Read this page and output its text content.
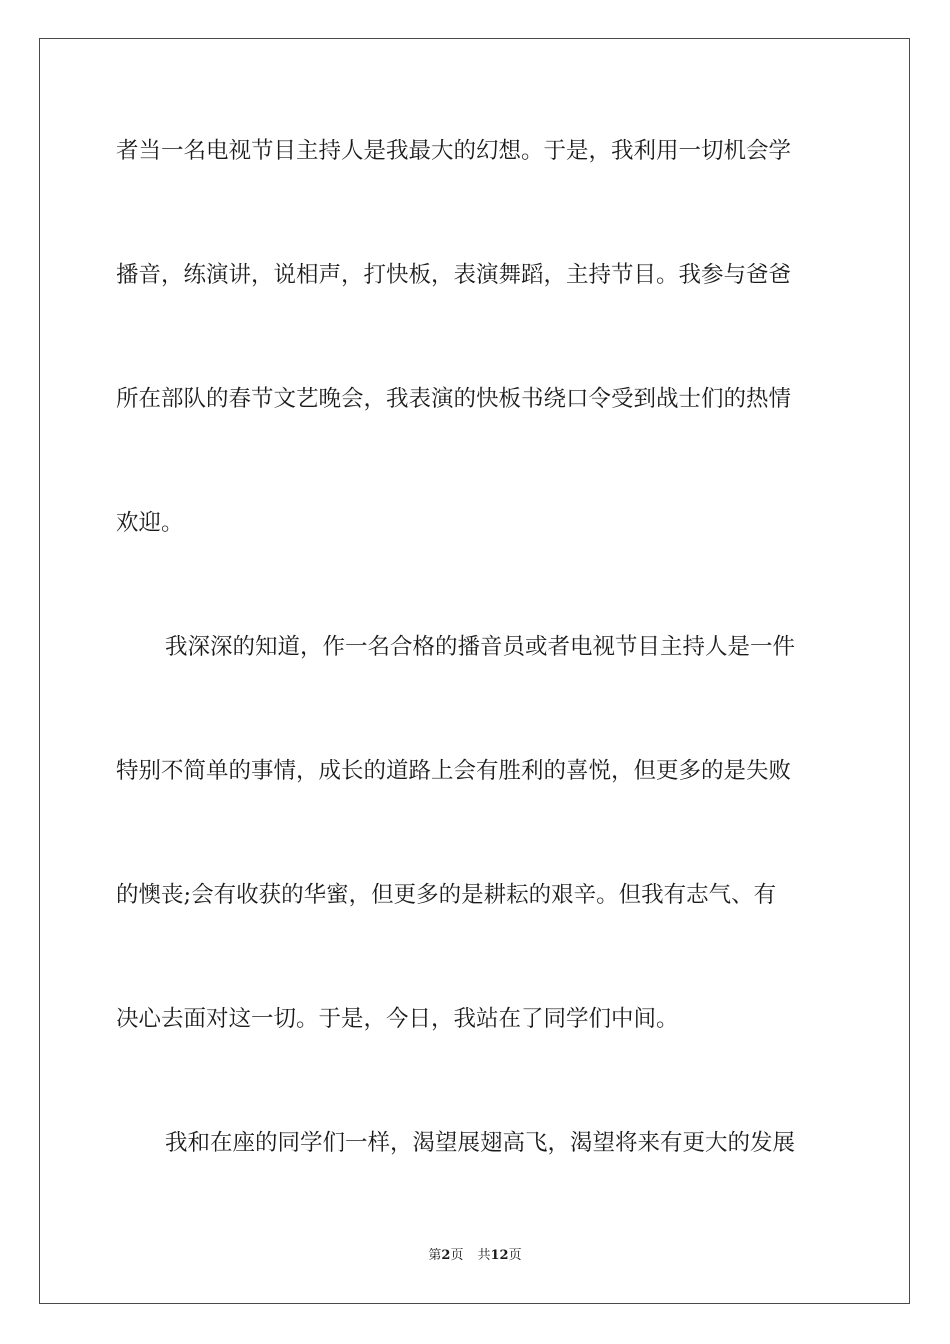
者当一名电视节目主持人是我最大的幻想。于是，我利用一切机会学
播音，练演讲，说相声，打快板，表演舞蹈，主持节目。我参与爸爸
所在部队的春节文艺晚会，我表演的快板书绕口令受到战士们的热情
欢迎。
我深深的知道，作一名合格的播音员或者电视节目主持人是一件
特别不简单的事情，成长的道路上会有胜利的喜悦，但更多的是失败
的懊丧;会有收获的华蜜，但更多的是耕耘的艰辛。但我有志气、有
决心去面对这一切。于是，今日，我站在了同学们中间。
我和在座的同学们一样，渴望展翅高飞，渴望将来有更大的发展
第2页 共12页
